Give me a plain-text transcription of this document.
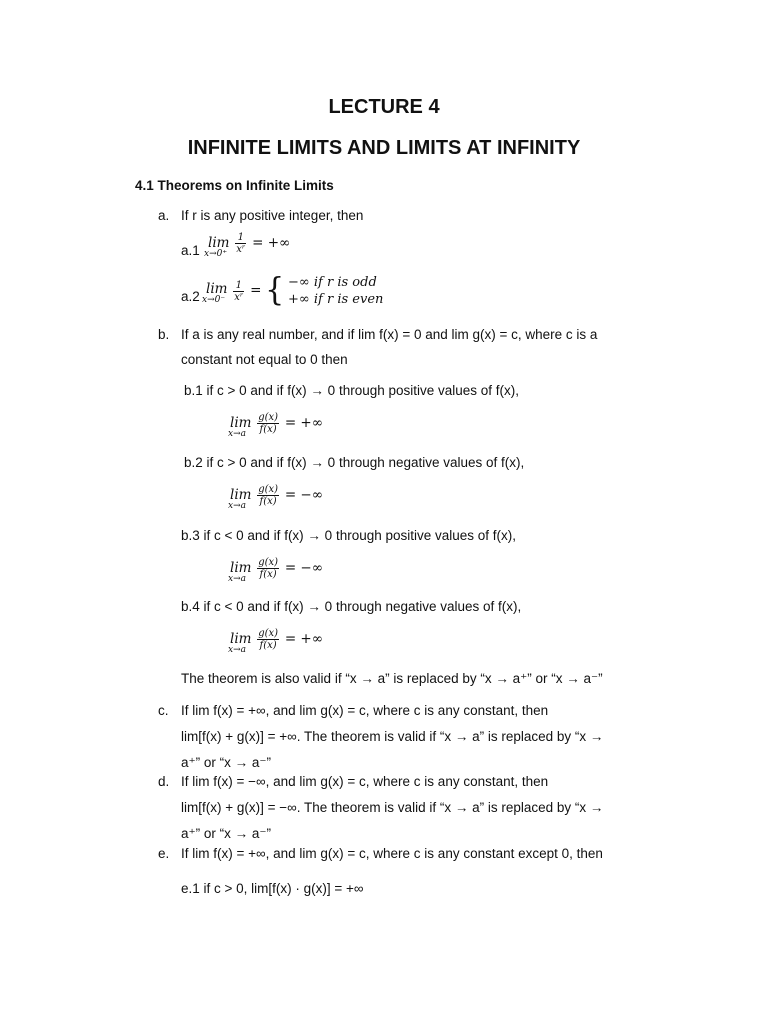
LECTURE 4
INFINITE LIMITS AND LIMITS AT INFINITY
4.1 Theorems on Infinite Limits
a. If r is any positive integer, then
a.1 lim
x→0⁺
$\frac{1}{\text{xʳ}}$ = +∞
a.2 lim
x→0⁻
$\frac{1}{\text{xʳ}}$ = { −∞ if r is odd
+∞ if r is even
b. If a is any real number, and if lim f(x) = 0 and lim g(x) = c, where c is a
constant not equal to 0 then
b.1 if c > 0 and if f(x) → 0 through positive values of f(x),
lim
x→a
$\frac{g(x)}{f(x)}$ = +∞
b.2 if c > 0 and if f(x) → 0 through negative values of f(x),
lim
x→a
$\frac{g(x)}{f(x)}$ = −∞
b.3 if c < 0 and if f(x) → 0 through positive values of f(x),
lim
x→a
$\frac{g(x)}{f(x)}$ = −∞
b.4 if c < 0 and if f(x) → 0 through negative values of f(x),
lim
x→a
$\frac{g(x)}{f(x)}$ = +∞
The theorem is also valid if “x → a” is replaced by “x → a⁺” or “x → a⁻”
c. If lim f(x) = +∞, and lim g(x) = c, where c is any constant, then
lim[f(x) + g(x)] = +∞. The theorem is valid if “x → a” is replaced by “x →
a⁺” or “x → a⁻”
d. If lim f(x) = −∞, and lim g(x) = c, where c is any constant, then
lim[f(x) + g(x)] = −∞. The theorem is valid if “x → a” is replaced by “x →
a⁺” or “x → a⁻”
e. If lim f(x) = +∞, and lim g(x) = c, where c is any constant except 0, then
e.1 if c > 0, lim[f(x) · g(x)] = +∞
